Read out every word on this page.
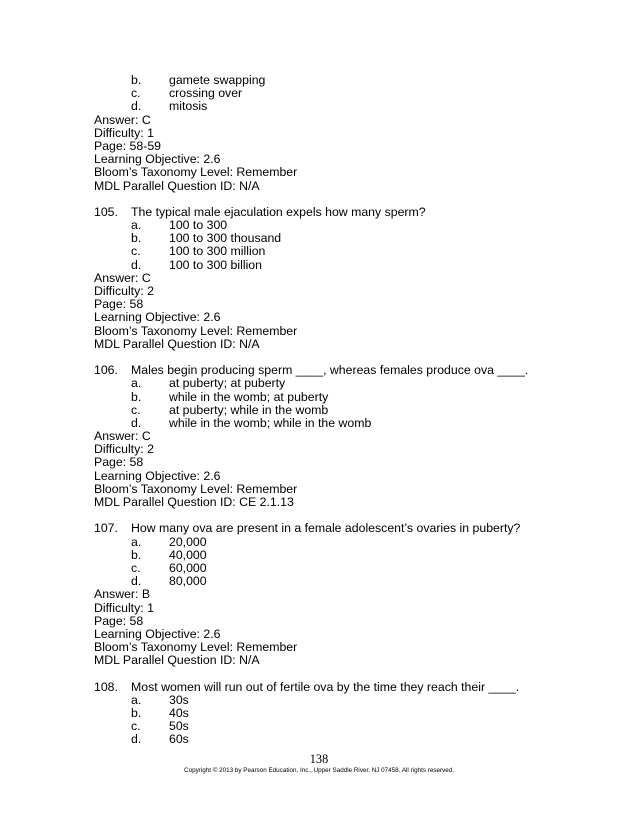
b. gamete swapping
c. crossing over
d. mitosis
Answer: C
Difficulty: 1
Page: 58-59
Learning Objective: 2.6
Bloom’s Taxonomy Level: Remember
MDL Parallel Question ID: N/A
105. The typical male ejaculation expels how many sperm?
a. 100 to 300
b. 100 to 300 thousand
c. 100 to 300 million
d. 100 to 300 billion
Answer: C
Difficulty: 2
Page: 58
Learning Objective: 2.6
Bloom’s Taxonomy Level: Remember
MDL Parallel Question ID: N/A
106. Males begin producing sperm ____, whereas females produce ova ____.
a. at puberty; at puberty
b. while in the womb; at puberty
c. at puberty; while in the womb
d. while in the womb; while in the womb
Answer: C
Difficulty: 2
Page: 58
Learning Objective: 2.6
Bloom’s Taxonomy Level: Remember
MDL Parallel Question ID: CE 2.1.13
107. How many ova are present in a female adolescent’s ovaries in puberty?
a. 20,000
b. 40,000
c. 60,000
d. 80,000
Answer: B
Difficulty: 1
Page: 58
Learning Objective: 2.6
Bloom’s Taxonomy Level: Remember
MDL Parallel Question ID: N/A
108. Most women will run out of fertile ova by the time they reach their ____.
a. 30s
b. 40s
c. 50s
d. 60s
138
Copyright © 2013 by Pearson Education, Inc., Upper Saddle River, NJ 07458. All rights reserved.
